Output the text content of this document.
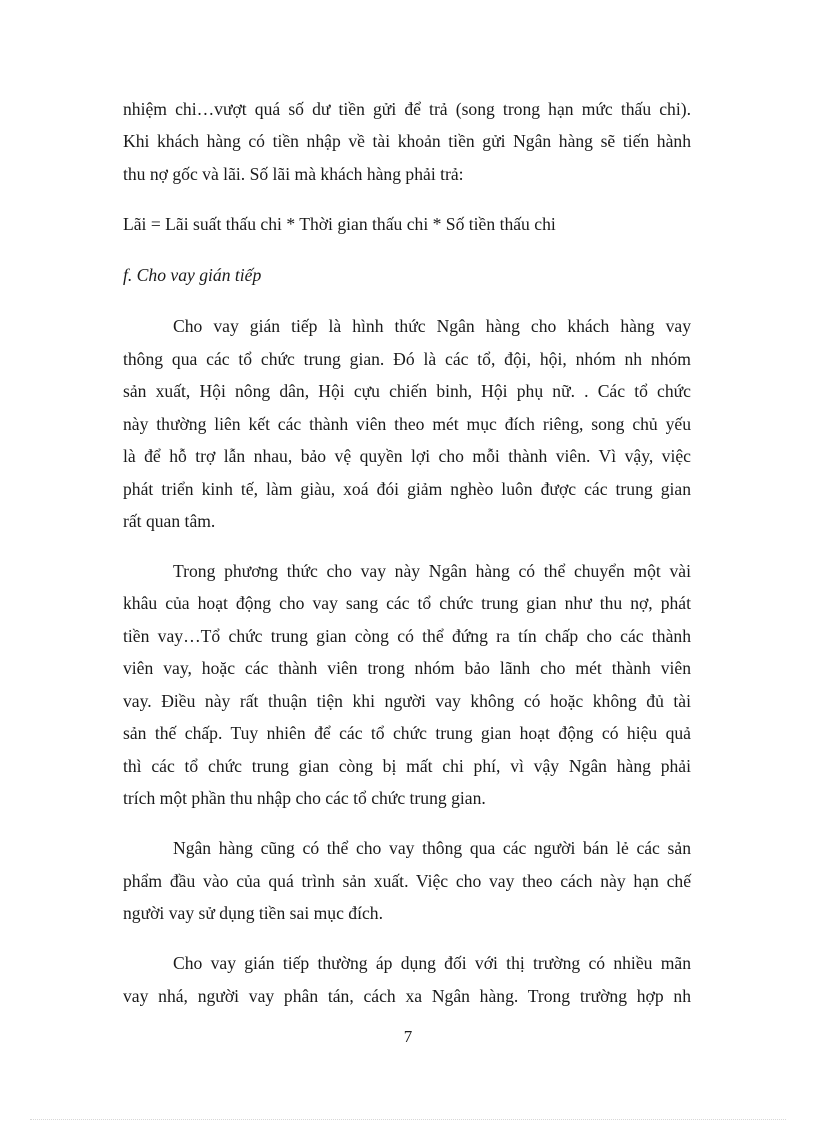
nhiệm chi…vượt quá số dư tiền gửi để trả (song trong hạn mức thấu chi).
Khi khách hàng có tiền nhập về tài khoản tiền gửi Ngân hàng sẽ tiến hành
thu nợ gốc và lãi. Số lãi mà khách hàng phải trả:
Lãi = Lãi suất thấu chi * Thời gian thấu chi * Số tiền thấu chi
f. Cho vay gián tiếp
Cho vay gián tiếp là hình thức Ngân hàng cho khách hàng vay
thông qua các tổ chức trung gian. Đó là các tổ, đội, hội, nhóm nh nhóm
sản xuất, Hội nông dân, Hội cựu chiến binh, Hội phụ nữ. . Các tổ chức
này thường liên kết các thành viên theo mét mục đích riêng, song chủ yếu
là để hỗ trợ lẫn nhau, bảo vệ quyền lợi cho mỗi thành viên. Vì vậy, việc
phát triển kinh tế, làm giàu, xoá đói giảm nghèo luôn được các trung gian
rất quan tâm.
Trong phương thức cho vay này Ngân hàng có thể chuyển một vài
khâu của hoạt động cho vay sang các tổ chức trung gian như thu nợ, phát
tiền vay…Tổ chức trung gian còng có thể đứng ra tín chấp cho các thành
viên vay, hoặc các thành viên trong nhóm bảo lãnh cho mét thành viên
vay. Điều này rất thuận tiện khi người vay không có hoặc không đủ tài
sản thế chấp. Tuy nhiên để các tổ chức trung gian hoạt động có hiệu quả
thì các tổ chức trung gian còng bị mất chi phí, vì vậy Ngân hàng phải
trích một phần thu nhập cho các tổ chức trung gian.
Ngân hàng cũng có thể cho vay thông qua các người bán lẻ các sản
phẩm đầu vào của quá trình sản xuất. Việc cho vay theo cách này hạn chế
người vay sử dụng tiền sai mục đích.
Cho vay gián tiếp thường áp dụng đối với thị trường có nhiều mãn
vay nhá, người vay phân tán, cách xa Ngân hàng. Trong trường hợp nh
7
